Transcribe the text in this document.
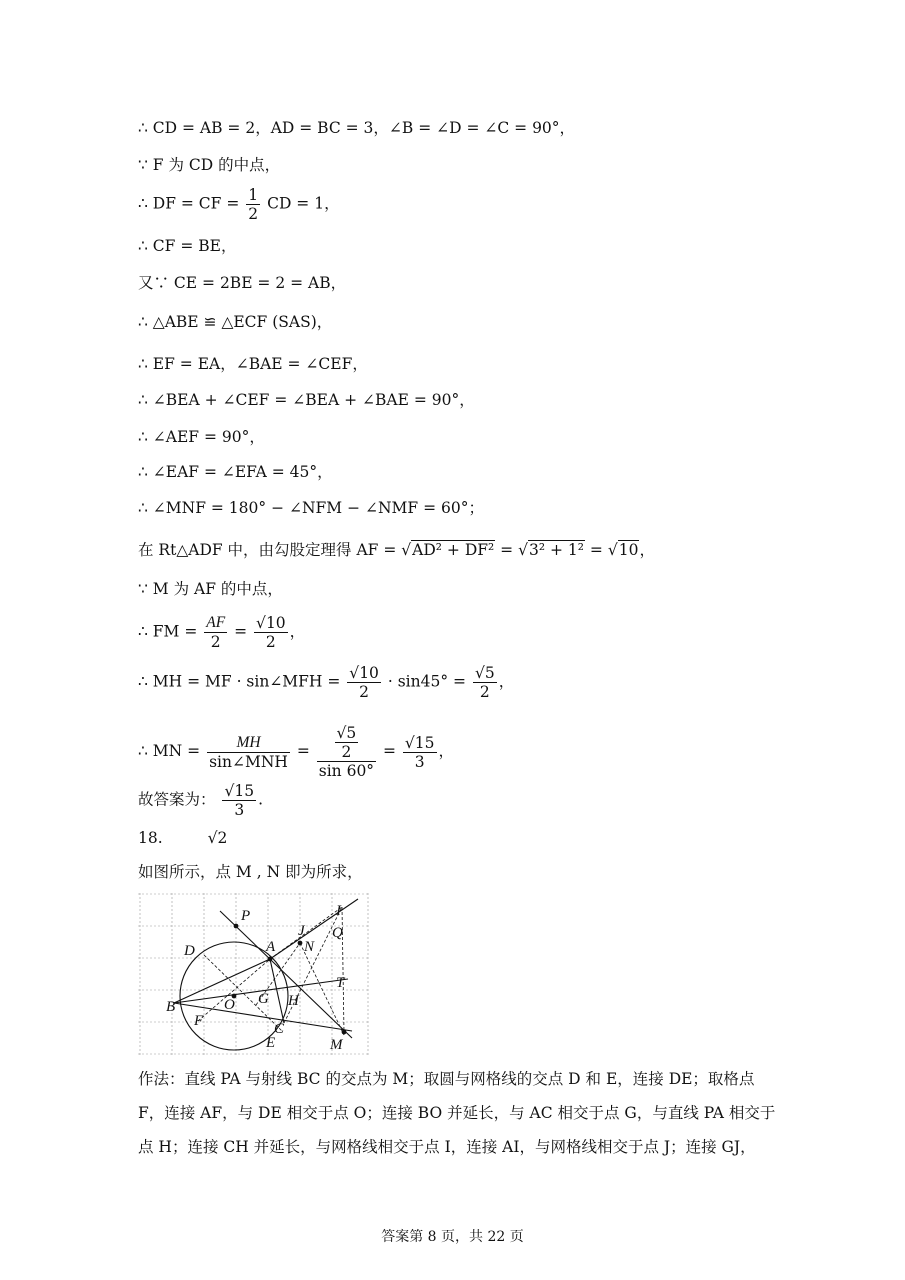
∴ CD = AB = 2，AD = BC = 3，∠B = ∠D = ∠C = 90°，
∵ F 为 CD 的中点，
∴ DF = CF = $\frac{1}{2}$ CD = 1，
∴ CF = BE，
又∵ CE = 2BE = 2 = AB，
∴ △ABE ≌ △ECF (SAS)，
∴ EF = EA，∠BAE = ∠CEF，
∴ ∠BEA + ∠CEF = ∠BEA + ∠BAE = 90°，
∴ ∠AEF = 90°，
∴ ∠EAF = ∠EFA = 45°，
∴ ∠MNF = 180° − ∠NFM − ∠NMF = 60°；
在 Rt△ADF 中，由勾股定理得 AF = √AD² + DF² = √3² + 1² = √10，
∵ M 为 AF 的中点，
∴ FM = $\frac{AF}{2} = \frac{√10}{2}$ ，
∴ MH = MF · sin∠MFH = $\frac{√10}{2} \cdot \sin 45^\circ = \frac{√5}{2}$ ，
∴ MN = $\frac{MH}{\text{sin∠MNH}} = \frac{\frac{√5}{2}}{\sin 60^\circ} = \frac{√15}{3}$ ，
故答案为： $\frac{√15}{3}$ .
18.	√2
如图所示，点 M , N 即为所求，
P	I
J
N
Q
D	A
T
B	O G H
F	C
E	M
作法：直线 PA 与射线 BC 的交点为 M；取圆与网格线的交点 D 和 E，连接 DE；取格点 F，连接 AF，与 DE 相交于点 O；连接 BO 并延长，与 AC 相交于点 G，与直线 PA 相交于点 H；连接 CH 并延长，与网格线相交于点 I，连接 AI，与网格线相交于点 J；连接 GJ，
答案第 8 页，共 22 页
